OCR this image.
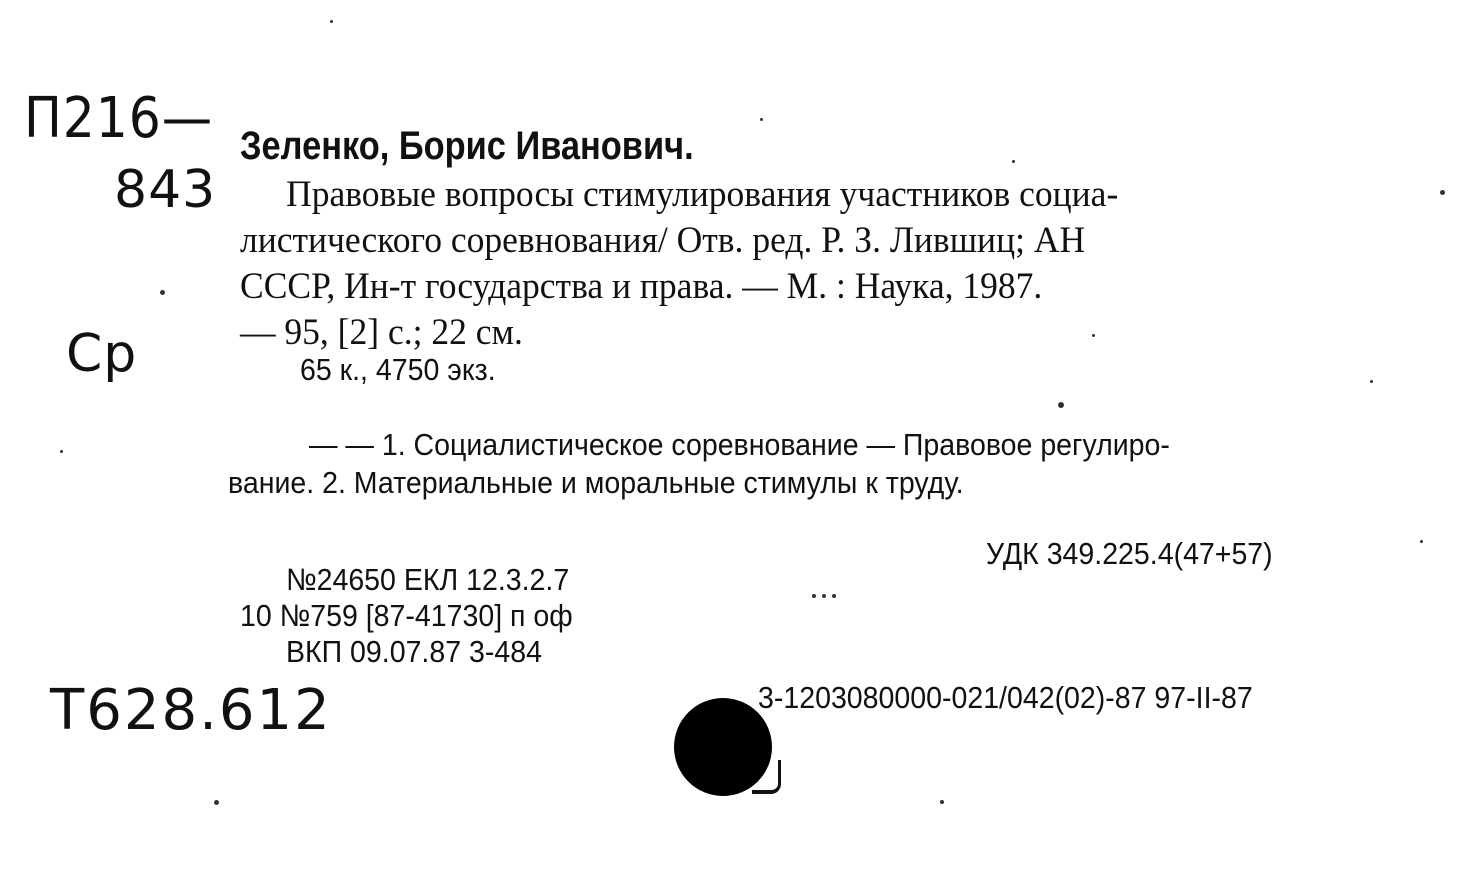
П216—
843
Ср
Т628.612
Зеленко, Борис Иванович.

Правовые вопросы стимулирования участников социа-

листического соревнования/ Отв. ред. Р. З. Лившиц; АН

СССР, Ин-т государства и права. — М. : Наука, 1987.

— 95, [2] с.; 22 см.

65 к., 4750 экз.

— — 1. Социалистическое соревнование — Правовое регулиро-

вание. 2. Материальные и моральные стимулы к труду.

УДК 349.225.4(47+57)

№24650 ЕКЛ 12.3.2.7

10 №759 [87-41730] п оф

ВКП 09.07.87 3-484

3-1203080000-021/042(02)-87 97-II-87
